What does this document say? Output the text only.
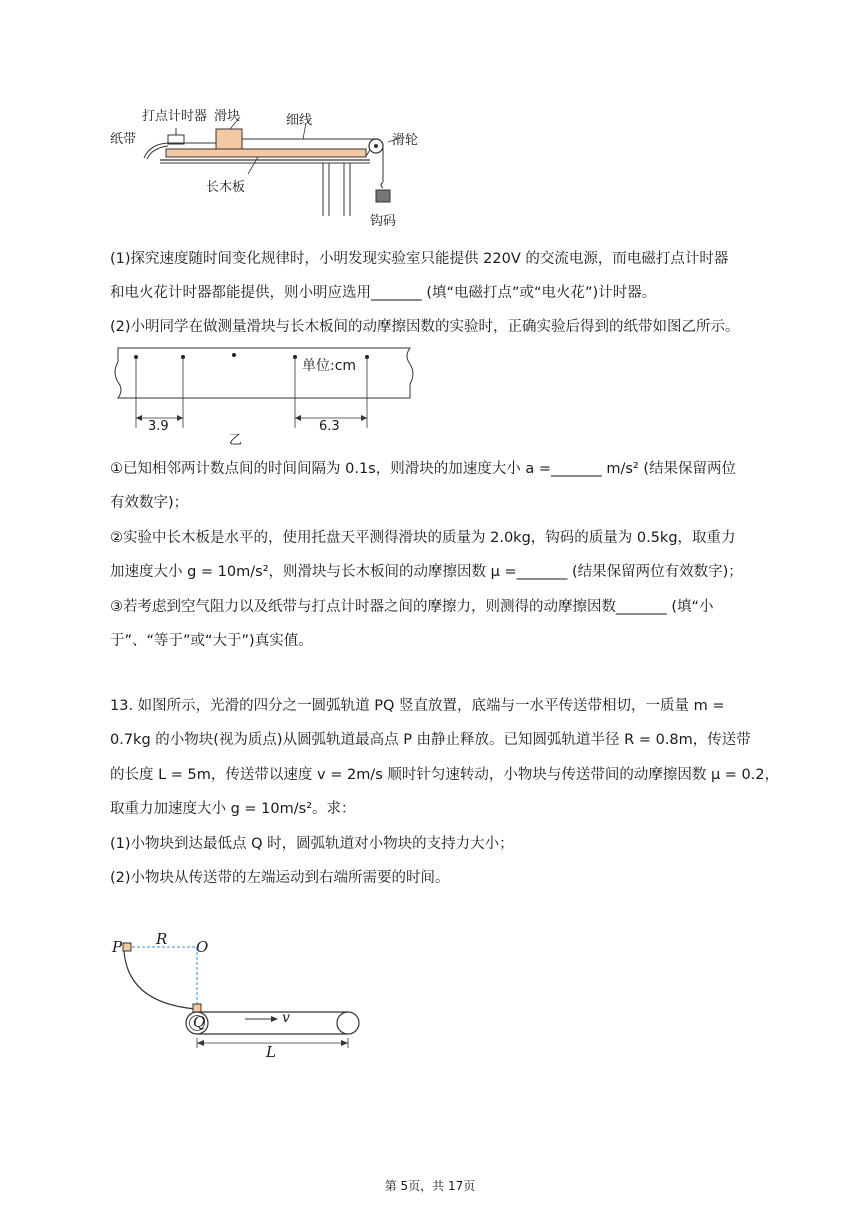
打点计时器 滑块	细线
纸带	滑轮
长木板
钩码
(1)探究速度随时间变化规律时，小明发现实验室只能提供 220V 的交流电源，而电磁打点计时器
和电火花计时器都能提供，则小明应选用_______ (填“电磁打点”或“电火花”)计时器。
(2)小明同学在做测量滑块与长木板间的动摩擦因数的实验时，正确实验后得到的纸带如图乙所示。
单位:cm
3.9	6.3
乙
①已知相邻两计数点间的时间间隔为 0.1s，则滑块的加速度大小 a =_______ m/s² (结果保留两位
有效数字)；
②实验中长木板是水平的，使用托盘天平测得滑块的质量为 2.0kg，钩码的质量为 0.5kg，取重力
加速度大小 g = 10m/s²，则滑块与长木板间的动摩擦因数 μ =_______ (结果保留两位有效数字)；
③若考虑到空气阻力以及纸带与打点计时器之间的摩擦力，则测得的动摩擦因数_______ (填“小
于”、“等于”或“大于”)真实值。
13. 如图所示，光滑的四分之一圆弧轨道 PQ 竖直放置，底端与一水平传送带相切，一质量 m =
0.7kg 的小物块(视为质点)从圆弧轨道最高点 P 由静止释放。已知圆弧轨道半径 R = 0.8m，传送带
的长度 L = 5m，传送带以速度 v = 2m/s 顺时针匀速转动，小物块与传送带间的动摩擦因数 μ = 0.2，
取重力加速度大小 g = 10m/s²。求：
(1)小物块到达最低点 Q 时，圆弧轨道对小物块的支持力大小；
(2)小物块从传送带的左端运动到右端所需要的时间。
P	O
R
Q	v
L
第 5页，共 17页
